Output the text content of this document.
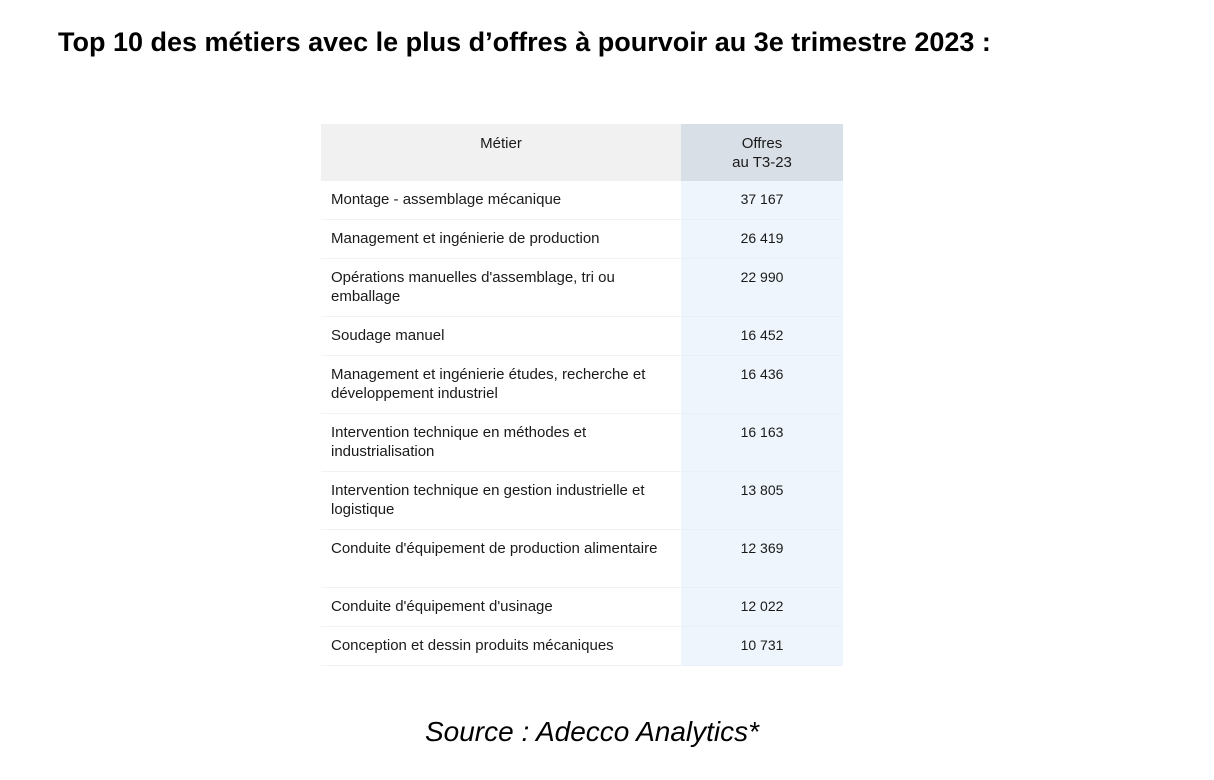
Top 10 des métiers avec le plus d’offres à pourvoir au 3e trimestre 2023 :
Métier	Offres
au T3-23

Montage - assemblage mécanique	37 167
Management et ingénierie de production	26 419
Opérations manuelles d'assemblage, tri ou emballage	22 990
Soudage manuel	16 452
Management et ingénierie études, recherche et développement industriel	16 436
Intervention technique en méthodes et industrialisation	16 163
Intervention technique en gestion industrielle et logistique	13 805
Conduite d'équipement de production alimentaire	12 369
Conduite d'équipement d'usinage	12 022
Conception et dessin produits mécaniques	10 731

Source : Adecco Analytics*
